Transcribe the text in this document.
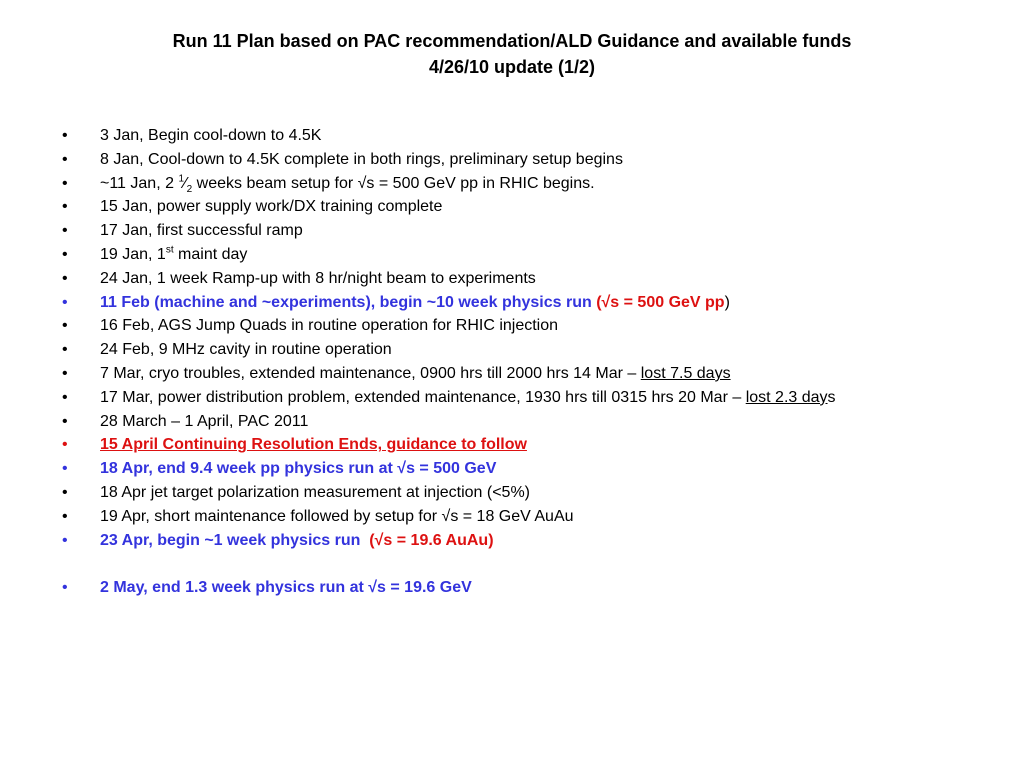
Run 11 Plan based on PAC recommendation/ALD Guidance and available funds
4/26/10 update (1/2)
•	3 Jan, Begin cool-down to 4.5K
•	8 Jan, Cool-down to 4.5K complete in both rings, preliminary setup begins
•	~11 Jan, 2 $^1⁄_2$ weeks beam setup for √s = 500 GeV pp in RHIC begins.
•	15 Jan, power supply work/DX training complete
•	17 Jan, first successful ramp
•	19 Jan, 1st maint day
•	24 Jan, 1 week Ramp-up with 8 hr/night beam to experiments
•	11 Feb (machine and ~experiments), begin ~10 week physics run (√s = 500 GeV pp)
•	16 Feb, AGS Jump Quads in routine operation for RHIC injection
•	24 Feb, 9 MHz cavity in routine operation
•	7 Mar, cryo troubles, extended maintenance, 0900 hrs till 2000 hrs 14 Mar – lost 7.5 days
•	17 Mar, power distribution problem, extended maintenance, 1930 hrs till 0315 hrs 20 Mar – lost 2.3 days
•	28 March – 1 April, PAC 2011
•	15 April Continuing Resolution Ends, guidance to follow
•	18 Apr, end 9.4 week pp physics run at √s = 500 GeV
•	18 Apr jet target polarization measurement at injection (<5%)
•	19 Apr, short maintenance followed by setup for √s = 18 GeV AuAu
•	23 Apr, begin ~1 week physics run  (√s = 19.6 AuAu)
•	2 May, end 1.3 week physics run at √s = 19.6 GeV
